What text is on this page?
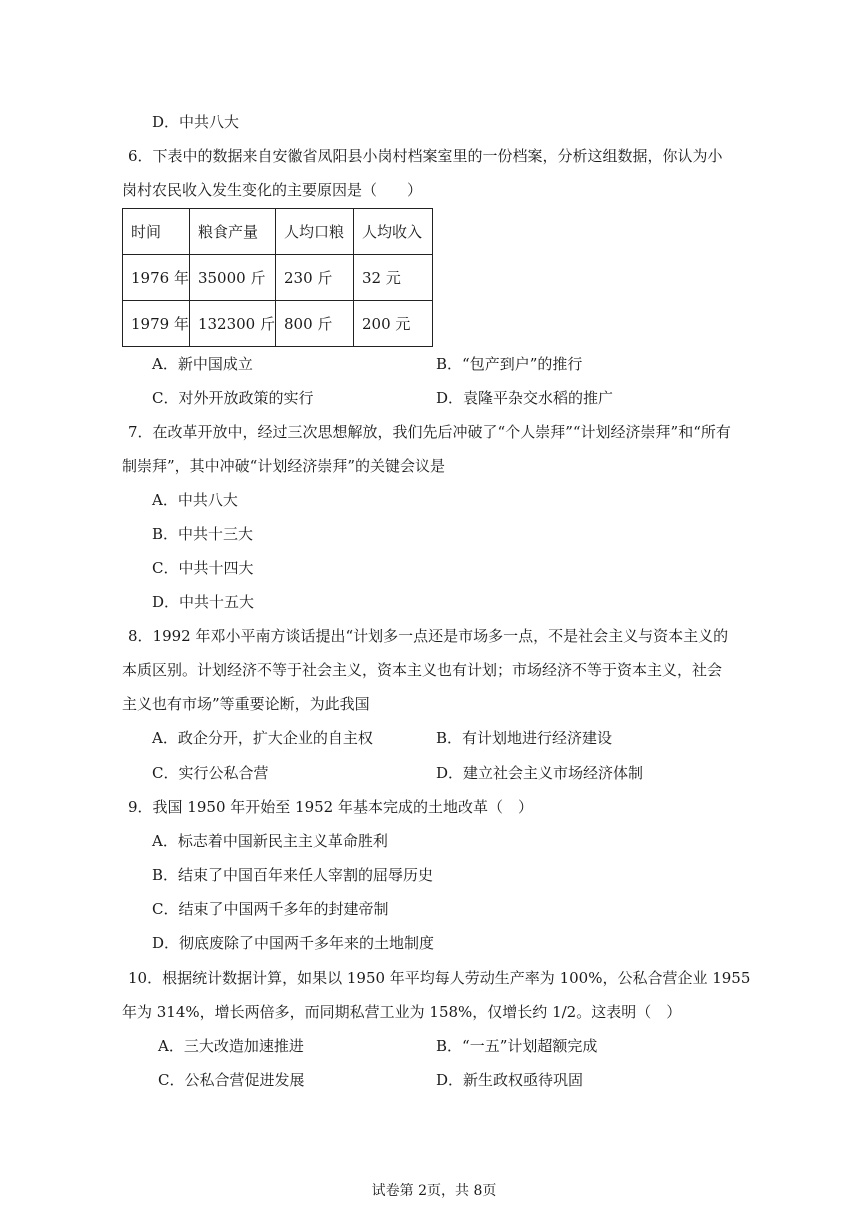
D．中共八大
6．下表中的数据来自安徽省凤阳县小岗村档案室里的一份档案，分析这组数据，你认为小
岗村农民收入发生变化的主要原因是（　　）
时间	粮食产量	人均口粮	人均收入
1976 年	35000 斤	230 斤	32 元
1979 年	132300 斤	800 斤	200 元
A．新中国成立	B．“包产到户”的推行
C．对外开放政策的实行	D．袁隆平杂交水稻的推广
7．在改革开放中，经过三次思想解放，我们先后冲破了“个人崇拜”“计划经济崇拜”和“所有
制崇拜”，其中冲破“计划经济崇拜”的关键会议是
A．中共八大
B．中共十三大
C．中共十四大
D．中共十五大
8．1992 年邓小平南方谈话提出“计划多一点还是市场多一点，不是社会主义与资本主义的
本质区别。计划经济不等于社会主义，资本主义也有计划；市场经济不等于资本主义，社会
主义也有市场”等重要论断，为此我国
A．政企分开，扩大企业的自主权	B．有计划地进行经济建设
C．实行公私合营	D．建立社会主义市场经济体制
9．我国 1950 年开始至 1952 年基本完成的土地改革（　）
A．标志着中国新民主主义革命胜利
B．结束了中国百年来任人宰割的屈辱历史
C．结束了中国两千多年的封建帝制
D．彻底废除了中国两千多年来的土地制度
10．根据统计数据计算，如果以 1950 年平均每人劳动生产率为 100%，公私合营企业 1955
年为 314%，增长两倍多，而同期私营工业为 158%，仅增长约 1/2。这表明（　）
A．三大改造加速推进	B．“一五”计划超额完成
C．公私合营促进发展	D．新生政权亟待巩固
试卷第 2页，共 8页
